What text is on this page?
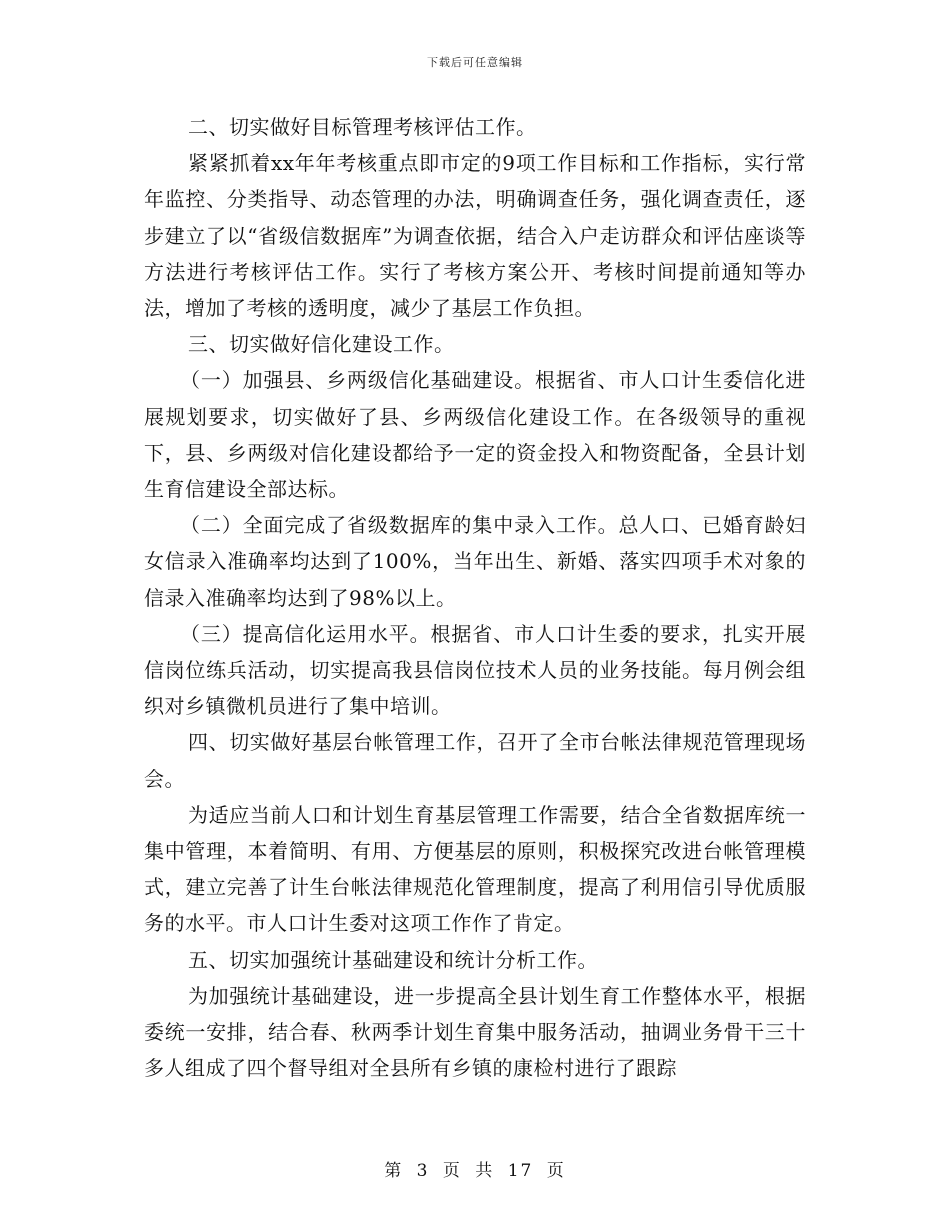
下载后可任意编辑

二、切实做好目标管理考核评估工作。

紧紧抓着xx年年考核重点即市定的9项工作目标和工作指标，实行常年监控、分类指导、动态管理的办法，明确调查任务，强化调查责任，逐步建立了以“省级信数据库”为调查依据，结合入户走访群众和评估座谈等方法进行考核评估工作。实行了考核方案公开、考核时间提前通知等办法，增加了考核的透明度，减少了基层工作负担。

三、切实做好信化建设工作。

（一）加强县、乡两级信化基础建设。根据省、市人口计生委信化进展规划要求，切实做好了县、乡两级信化建设工作。在各级领导的重视下，县、乡两级对信化建设都给予一定的资金投入和物资配备，全县计划生育信建设全部达标。

（二）全面完成了省级数据库的集中录入工作。总人口、已婚育龄妇女信录入准确率均达到了100%，当年出生、新婚、落实四项手术对象的信录入准确率均达到了98%以上。

（三）提高信化运用水平。根据省、市人口计生委的要求，扎实开展信岗位练兵活动，切实提高我县信岗位技术人员的业务技能。每月例会组织对乡镇微机员进行了集中培训。

四、切实做好基层台帐管理工作，召开了全市台帐法律规范管理现场会。

为适应当前人口和计划生育基层管理工作需要，结合全省数据库统一集中管理，本着简明、有用、方便基层的原则，积极探究改进台帐管理模式，建立完善了计生台帐法律规范化管理制度，提高了利用信引导优质服务的水平。市人口计生委对这项工作作了肯定。

五、切实加强统计基础建设和统计分析工作。

为加强统计基础建设，进一步提高全县计划生育工作整体水平，根据委统一安排，结合春、秋两季计划生育集中服务活动，抽调业务骨干三十多人组成了四个督导组对全县所有乡镇的康检村进行了跟踪

第 3 页 共 17 页
